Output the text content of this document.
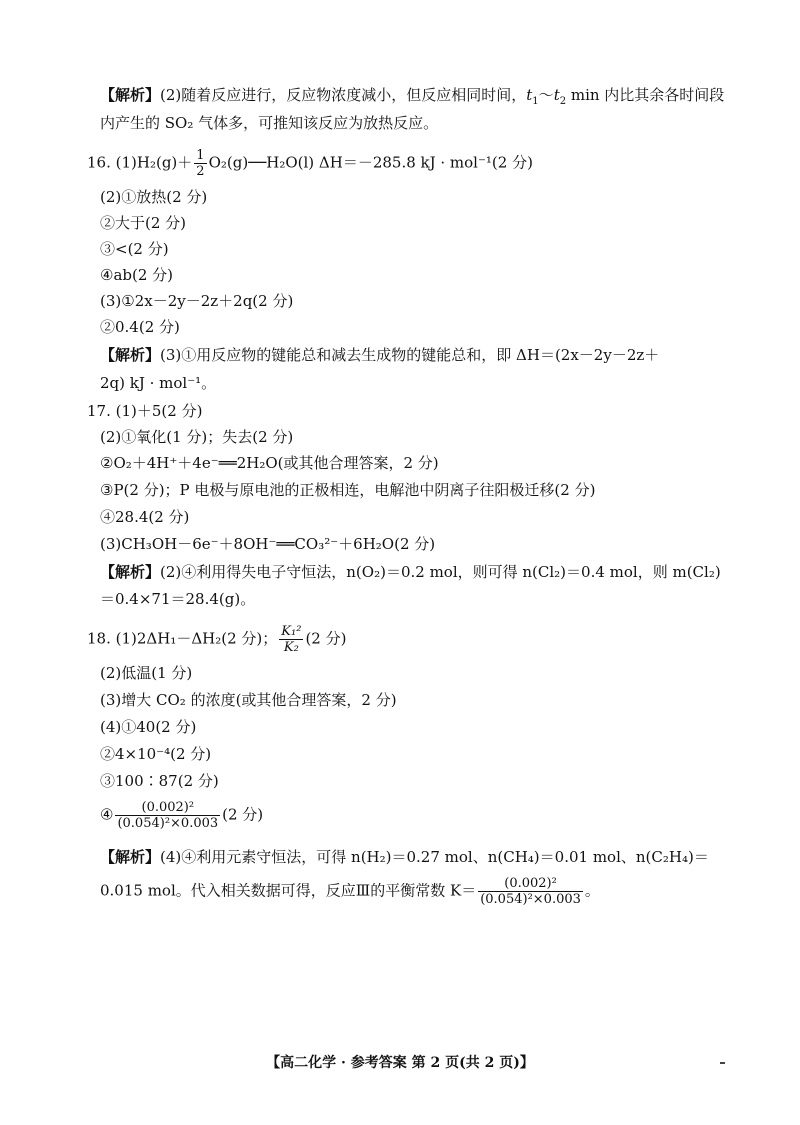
【解析】(2)随着反应进行，反应物浓度减小，但反应相同时间，$t_1\sim t_2$ min 内比其余各时间段
内产生的 SO₂ 气体多，可推知该反应为放热反应。
16. $(1)H_2(g)+ \frac{1}{2}$ O₂(g)──H₂O(l) ΔH＝－285.8 kJ · mol⁻¹(2 分)
(2)①放热(2 分)
②大于(2 分)
③<(2 分)
④ab(2 分)
(3)①2x－2y－2z＋2q(2 分)
②0.4(2 分)
【解析】(3)①用反应物的键能总和减去生成物的键能总和，即 ΔH＝(2x－2y－2z＋
2q) kJ · mol⁻¹。
17. (1)＋5(2 分)
(2)①氧化(1 分)；失去(2 分)
②O₂＋4H⁺＋4e⁻══2H₂O(或其他合理答案，2 分)
③P(2 分)；P 电极与原电池的正极相连，电解池中阴离子往阳极迁移(2 分)
④28.4(2 分)
(3)CH₃OH－6e⁻＋8OH⁻══CO₃²⁻＋6H₂O(2 分)
【解析】(2)④利用得失电子守恒法，n(O₂)＝0.2 mol，则可得 n(Cl₂)＝0.4 mol，则 m(Cl₂)
＝0.4×71＝28.4(g)。
18. (1)2ΔH₁－ΔH₂(2 分)； $\frac{\text{K₁²}}{\text{K₂}} (2$ 分)
(2)低温(1 分)
(3)增大 CO₂ 的浓度(或其他合理答案，2 分)
(4)①40(2 分)
②4×10⁻⁴(2 分)
③100∶87(2 分)
④ $\frac{\text{(0.002)²}}{\text{(0.054)²×0.003}} (2$ 分)
【解析】(4)④利用元素守恒法，可得 n(H₂)＝0.27 mol、n(CH₄)＝0.01 mol、n(C₂H₄)＝
0.015 mol。代入相关数据可得，反应Ⅲ的平衡常数 $K= \frac{\text{(0.002)²}}{\text{(0.054)²×0.003}}$ 。
【高二化学 · 参考答案 第 2 页(共 2 页)】
